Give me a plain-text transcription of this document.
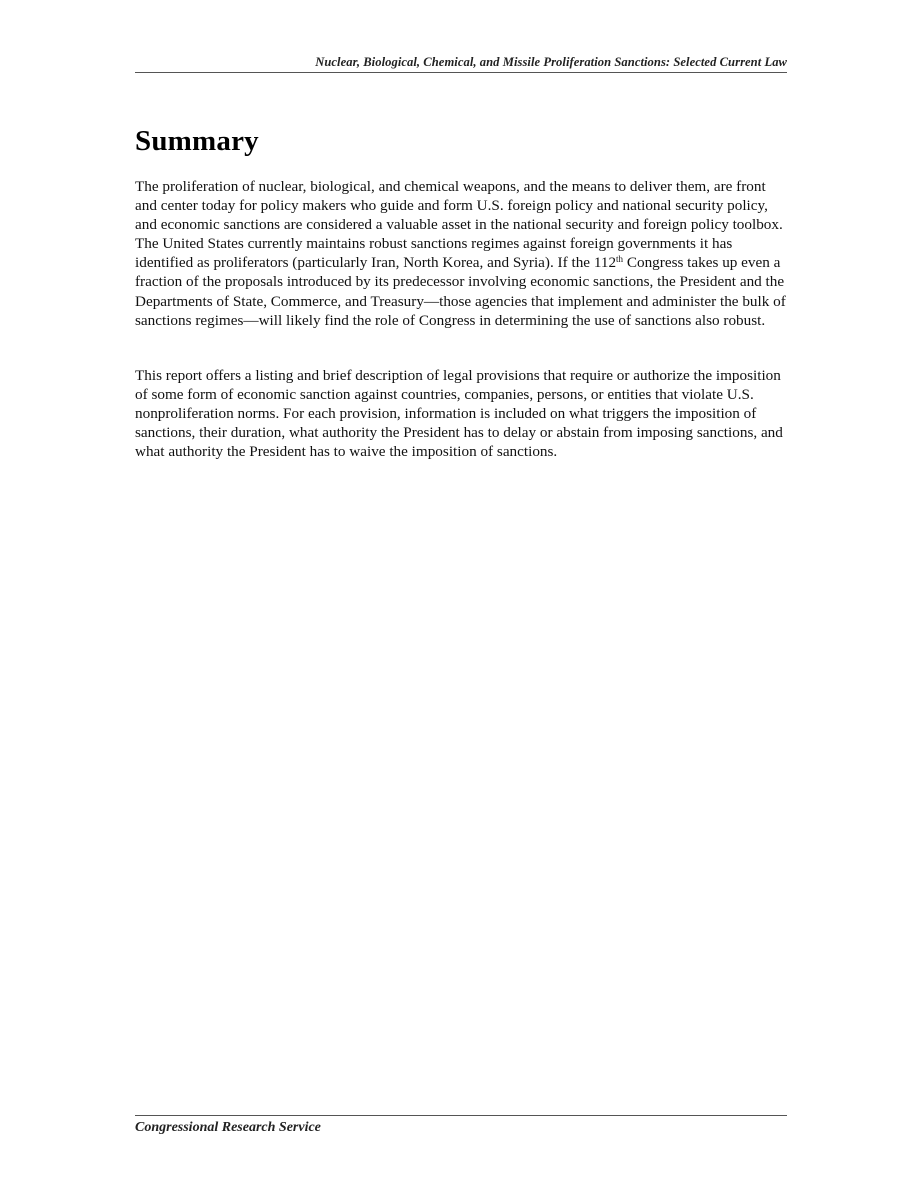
Nuclear, Biological, Chemical, and Missile Proliferation Sanctions: Selected Current Law
Summary

The proliferation of nuclear, biological, and chemical weapons, and the means to deliver them, are front and center today for policy makers who guide and form U.S. foreign policy and national security policy, and economic sanctions are considered a valuable asset in the national security and foreign policy toolbox. The United States currently maintains robust sanctions regimes against foreign governments it has identified as proliferators (particularly Iran, North Korea, and Syria). If the 112th Congress takes up even a fraction of the proposals introduced by its predecessor involving economic sanctions, the President and the Departments of State, Commerce, and Treasury—those agencies that implement and administer the bulk of sanctions regimes—will likely find the role of Congress in determining the use of sanctions also robust.

This report offers a listing and brief description of legal provisions that require or authorize the imposition of some form of economic sanction against countries, companies, persons, or entities that violate U.S. nonproliferation norms. For each provision, information is included on what triggers the imposition of sanctions, their duration, what authority the President has to delay or abstain from imposing sanctions, and what authority the President has to waive the imposition of sanctions.

Congressional Research Service
